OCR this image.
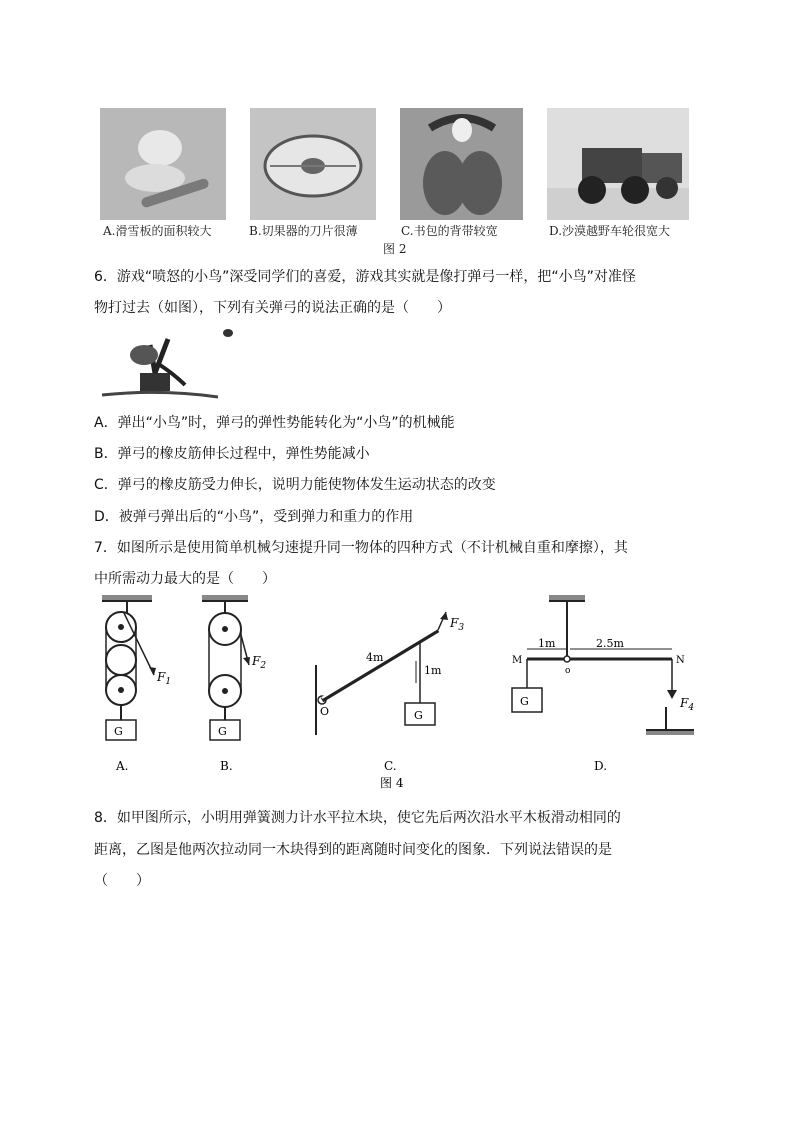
A.滑雪板的面积较大	B.切果器的刀片很薄	C.书包的背带较宽	D.沙漠越野车轮很宽大
图 2
6．游戏“喷怒的小鸟”深受同学们的喜爱，游戏其实就是像打弹弓一样，把“小鸟”对准怪
物打过去（如图），下列有关弹弓的说法正确的是（　　）
A．弹出“小鸟”时，弹弓的弹性势能转化为“小鸟”的机械能
B．弹弓的橡皮筋伸长过程中，弹性势能减小
C．弹弓的橡皮筋受力伸长，说明力能使物体发生运动状态的改变
D．被弹弓弹出后的“小鸟”，受到弹力和重力的作用
7．如图所示是使用简单机械匀速提升同一物体的四种方式（不计机械自重和摩擦），其
中所需动力最大的是（　　）
G	G
G
G
$F_1$
$F_2$
$F_3$
$F_4$
4m
1m
O
1m	2.5m
M	N
o
A.	B.	C.	D.
图 4
8．如甲图所示，小明用弹簧测力计水平拉木块，使它先后两次沿水平木板滑动相同的
距离，乙图是他两次拉动同一木块得到的距离随时间变化的图象．下列说法错误的是
（　　）
